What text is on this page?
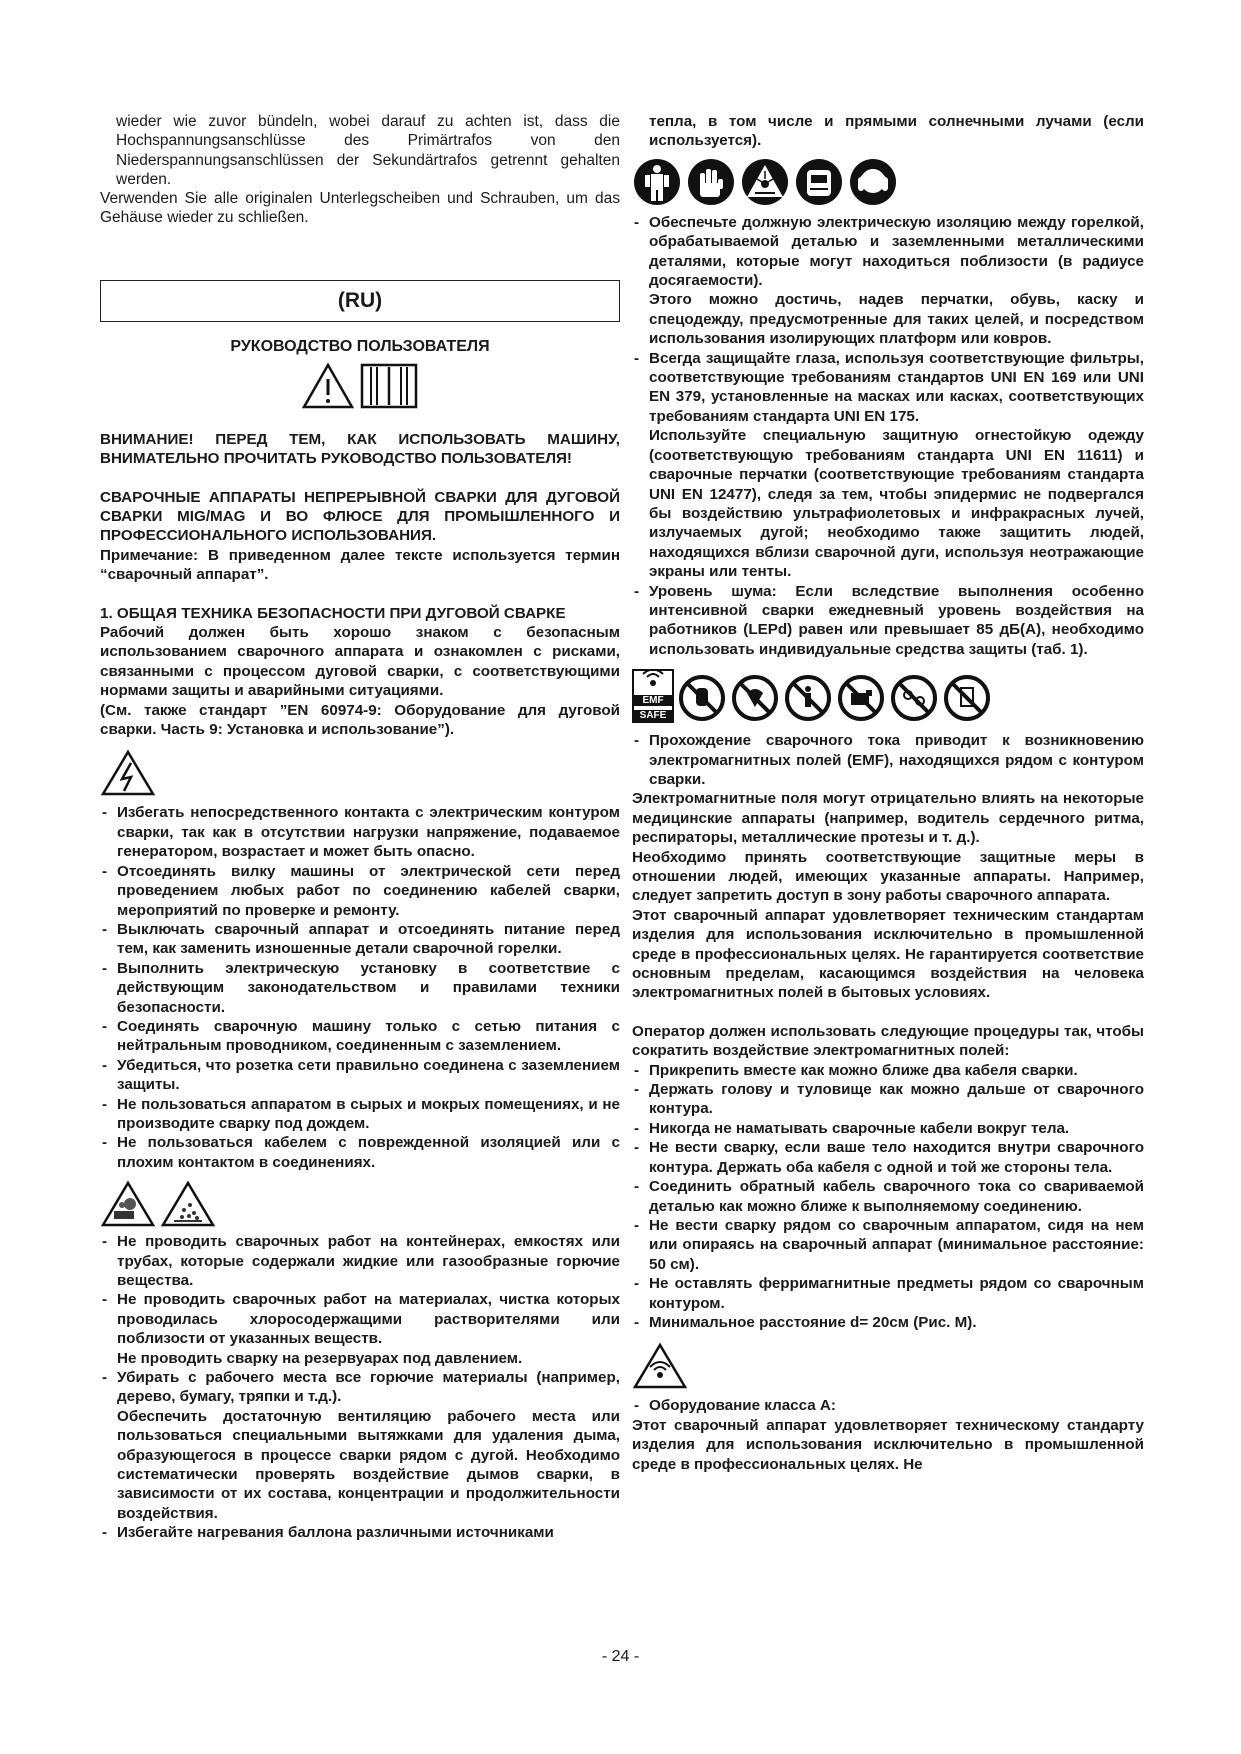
wieder wie zuvor bündeln, wobei darauf zu achten ist, dass die Hochspannungsanschlüsse des Primärtrafos von den Niederspannungsanschlüssen der Sekundärtrafos getrennt gehalten werden.

Verwenden Sie alle originalen Unterlegscheiben und Schrauben, um das Gehäuse wieder zu schließen.

(RU)
РУКОВОДСТВО ПОЛЬЗОВАТЕЛЯ

ВНИМАНИЕ! ПЕРЕД ТЕМ, КАК ИСПОЛЬЗОВАТЬ МАШИНУ, ВНИМАТЕЛЬНО ПРОЧИТАТЬ РУКОВОДСТВО ПОЛЬЗОВАТЕЛЯ!

СВАРОЧНЫЕ АППАРАТЫ НЕПРЕРЫВНОЙ СВАРКИ ДЛЯ ДУГОВОЙ СВАРКИ MIG/MAG И ВО ФЛЮСЕ ДЛЯ ПРОМЫШЛЕННОГО И ПРОФЕССИОНАЛЬНОГО ИСПОЛЬЗОВАНИЯ.

Примечание: В приведенном далее тексте используется термин “сварочный аппарат”.

1. ОБЩАЯ ТЕХНИКА БЕЗОПАСНОСТИ ПРИ ДУГОВОЙ СВАРКЕ

Рабочий должен быть хорошо знаком с безопасным использованием сварочного аппарата и ознакомлен с рисками, связанными с процессом дуговой сварки, с соответствующими нормами защиты и аварийными ситуациями.

(См. также стандарт ”EN 60974-9: Оборудование для дуговой сварки. Часть 9: Установка и использование”).

- Избегать непосредственного контакта с электрическим контуром сварки, так как в отсутствии нагрузки напряжение, подаваемое генератором, возрастает и может быть опасно.

- Отсоединять вилку машины от электрической сети перед проведением любых работ по соединению кабелей сварки, мероприятий по проверке и ремонту.

- Выключать сварочный аппарат и отсоединять питание перед тем, как заменить изношенные детали сварочной горелки.

- Выполнить электрическую установку в соответствие с действующим законодательством и правилами техники безопасности.

- Соединять сварочную машину только с сетью питания с нейтральным проводником, соединенным с заземлением.

- Убедиться, что розетка сети правильно соединена с заземлением защиты.

- Не пользоваться аппаратом в сырых и мокрых помещениях, и не производите сварку под дождем.

- Не пользоваться кабелем с поврежденной изоляцией или с плохим контактом в соединениях.

- Не проводить сварочных работ на контейнерах, емкостях или трубах, которые содержали жидкие или газообразные горючие вещества.

- Не проводить сварочных работ на материалах, чистка которых проводилась хлоросодержащими растворителями или поблизости от указанных веществ.

Не проводить сварку на резервуарах под давлением.

- Убирать с рабочего места все горючие материалы (например, дерево, бумагу, тряпки и т.д.).

Обеспечить достаточную вентиляцию рабочего места или пользоваться специальными вытяжками для удаления дыма, образующегося в процессе сварки рядом с дугой. Необходимо систематически проверять воздействие дымов сварки, в зависимости от их состава, концентрации и продолжительности воздействия.

- Избегайте нагревания баллона различными источниками

тепла, в том числе и прямыми солнечными лучами (если используется).

- Обеспечьте должную электрическую изоляцию между горелкой, обрабатываемой деталью и заземленными металлическими деталями, которые могут находиться поблизости (в радиусе досягаемости).

Этого можно достичь, надев перчатки, обувь, каску и спецодежду, предусмотренные для таких целей, и посредством использования изолирующих платформ или ковров.

- Всегда защищайте глаза, используя соответствующие фильтры, соответствующие требованиям стандартов UNI EN 169 или UNI EN 379, установленные на масках или касках, соответствующих требованиям стандарта UNI EN 175.

Используйте специальную защитную огнестойкую одежду (соответствующую требованиям стандарта UNI EN 11611) и сварочные перчатки (соответствующие требованиям стандарта UNI EN 12477), следя за тем, чтобы эпидермис не подвергался бы воздействию ультрафиолетовых и инфракрасных лучей, излучаемых дугой; необходимо также защитить людей, находящихся вблизи сварочной дуги, используя неотражающие экраны или тенты.

- Уровень шума: Если вследствие выполнения особенно интенсивной сварки ежедневный уровень воздействия на работников (LEPd) равен или превышает 85 дБ(A), необходимо использовать индивидуальные средства защиты (таб. 1).

EMF
SAFE

- Прохождение сварочного тока приводит к возникновению электромагнитных полей (EMF), находящихся рядом с контуром сварки.

Электромагнитные поля могут отрицательно влиять на некоторые медицинские аппараты (например, водитель сердечного ритма, респираторы, металлические протезы и т. д.).

Необходимо принять соответствующие защитные меры в отношении людей, имеющих указанные аппараты. Например, следует запретить доступ в зону работы сварочного аппарата.

Этот сварочный аппарат удовлетворяет техническим стандартам изделия для использования исключительно в промышленной среде в профессиональных целях. Не гарантируется соответствие основным пределам, касающимся воздействия на человека электромагнитных полей в бытовых условиях.

Оператор должен использовать следующие процедуры так, чтобы сократить воздействие электромагнитных полей:

- Прикрепить вместе как можно ближе два кабеля сварки.

- Держать голову и туловище как можно дальше от сварочного контура.

- Никогда не наматывать сварочные кабели вокруг тела.

- Не вести сварку, если ваше тело находится внутри сварочного контура. Держать оба кабеля с одной и той же стороны тела.

- Соединить обратный кабель сварочного тока со свариваемой деталью как можно ближе к выполняемому соединению.

- Не вести сварку рядом со сварочным аппаратом, сидя на нем или опираясь на сварочный аппарат (минимальное расстояние: 50 см).

- Не оставлять ферримагнитные предметы рядом со сварочным контуром.

- Минимальное расстояние d= 20см (Рис. M).

- Оборудование класса A:

Этот сварочный аппарат удовлетворяет техническому стандарту изделия для использования исключительно в промышленной среде в профессиональных целях. Не

- 24 -
